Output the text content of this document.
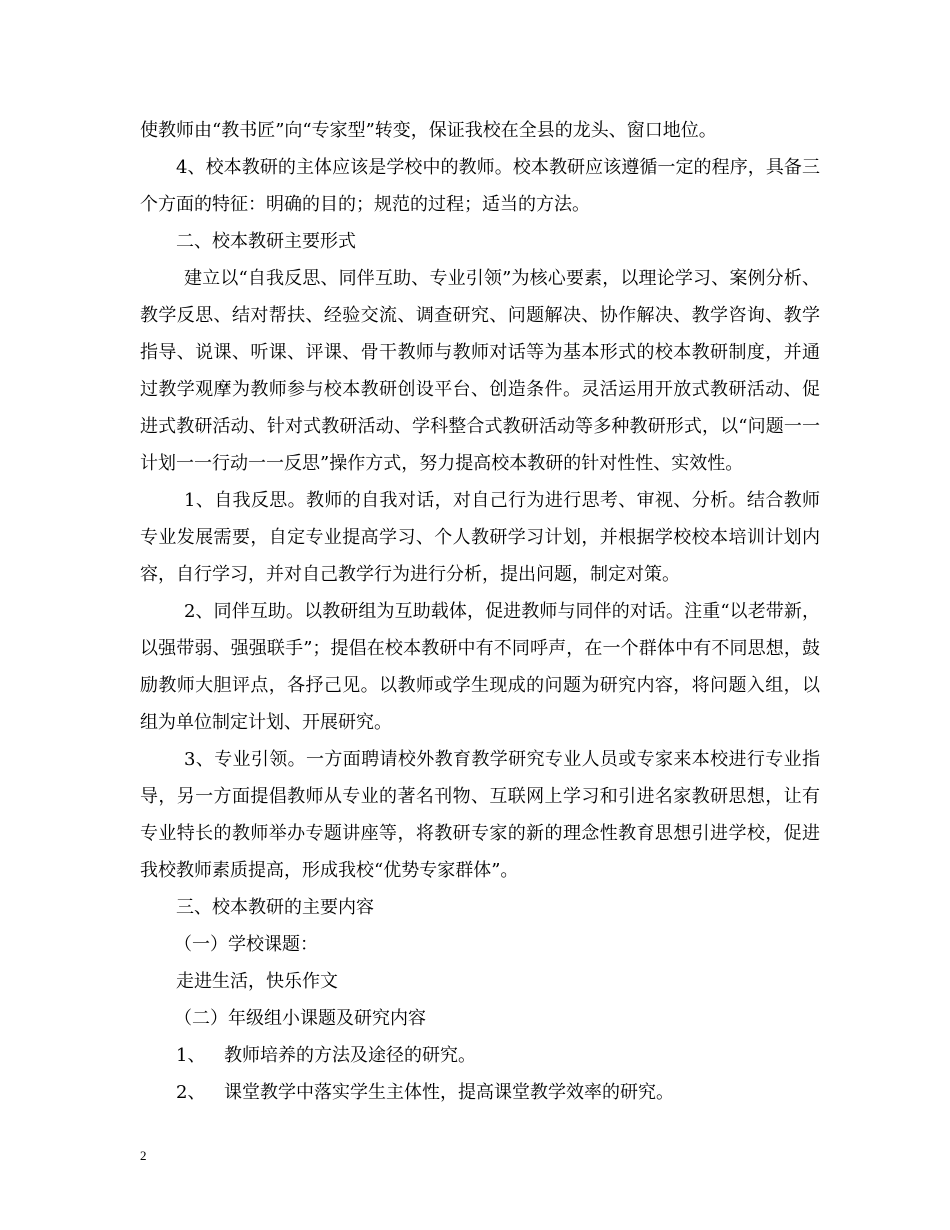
使教师由“教书匠”向“专家型”转变，保证我校在全县的龙头、窗口地位。

4、校本教研的主体应该是学校中的教师。校本教研应该遵循一定的程序，具备三个方面的特征：明确的目的；规范的过程；适当的方法。

二、校本教研主要形式

建立以“自我反思、同伴互助、专业引领”为核心要素，以理论学习、案例分析、教学反思、结对帮扶、经验交流、调查研究、问题解决、协作解决、教学咨询、教学指导、说课、听课、评课、骨干教师与教师对话等为基本形式的校本教研制度，并通过教学观摩为教师参与校本教研创设平台、创造条件。灵活运用开放式教研活动、促进式教研活动、针对式教研活动、学科整合式教研活动等多种教研形式，以“问题一一计划一一行动一一反思”操作方式，努力提高校本教研的针对性性、实效性。

1、自我反思。教师的自我对话，对自己行为进行思考、审视、分析。结合教师专业发展需要，自定专业提高学习、个人教研学习计划，并根据学校校本培训计划内容，自行学习，并对自己教学行为进行分析，提出问题，制定对策。

2、同伴互助。以教研组为互助载体，促进教师与同伴的对话。注重“以老带新，以强带弱、强强联手”；提倡在校本教研中有不同呼声，在一个群体中有不同思想，鼓励教师大胆评点，各抒己见。以教师或学生现成的问题为研究内容，将问题入组，以组为单位制定计划、开展研究。

3、专业引领。一方面聘请校外教育教学研究专业人员或专家来本校进行专业指导，另一方面提倡教师从专业的著名刊物、互联网上学习和引进名家教研思想，让有专业特长的教师举办专题讲座等，将教研专家的新的理念性教育思想引进学校，促进我校教师素质提高，形成我校“优势专家群体”。

三、校本教研的主要内容

（一）学校课题：

走进生活，快乐作文

（二）年级组小课题及研究内容

1、	教师培养的方法及途径的研究。
2、	课堂教学中落实学生主体性，提高课堂教学效率的研究。
2
